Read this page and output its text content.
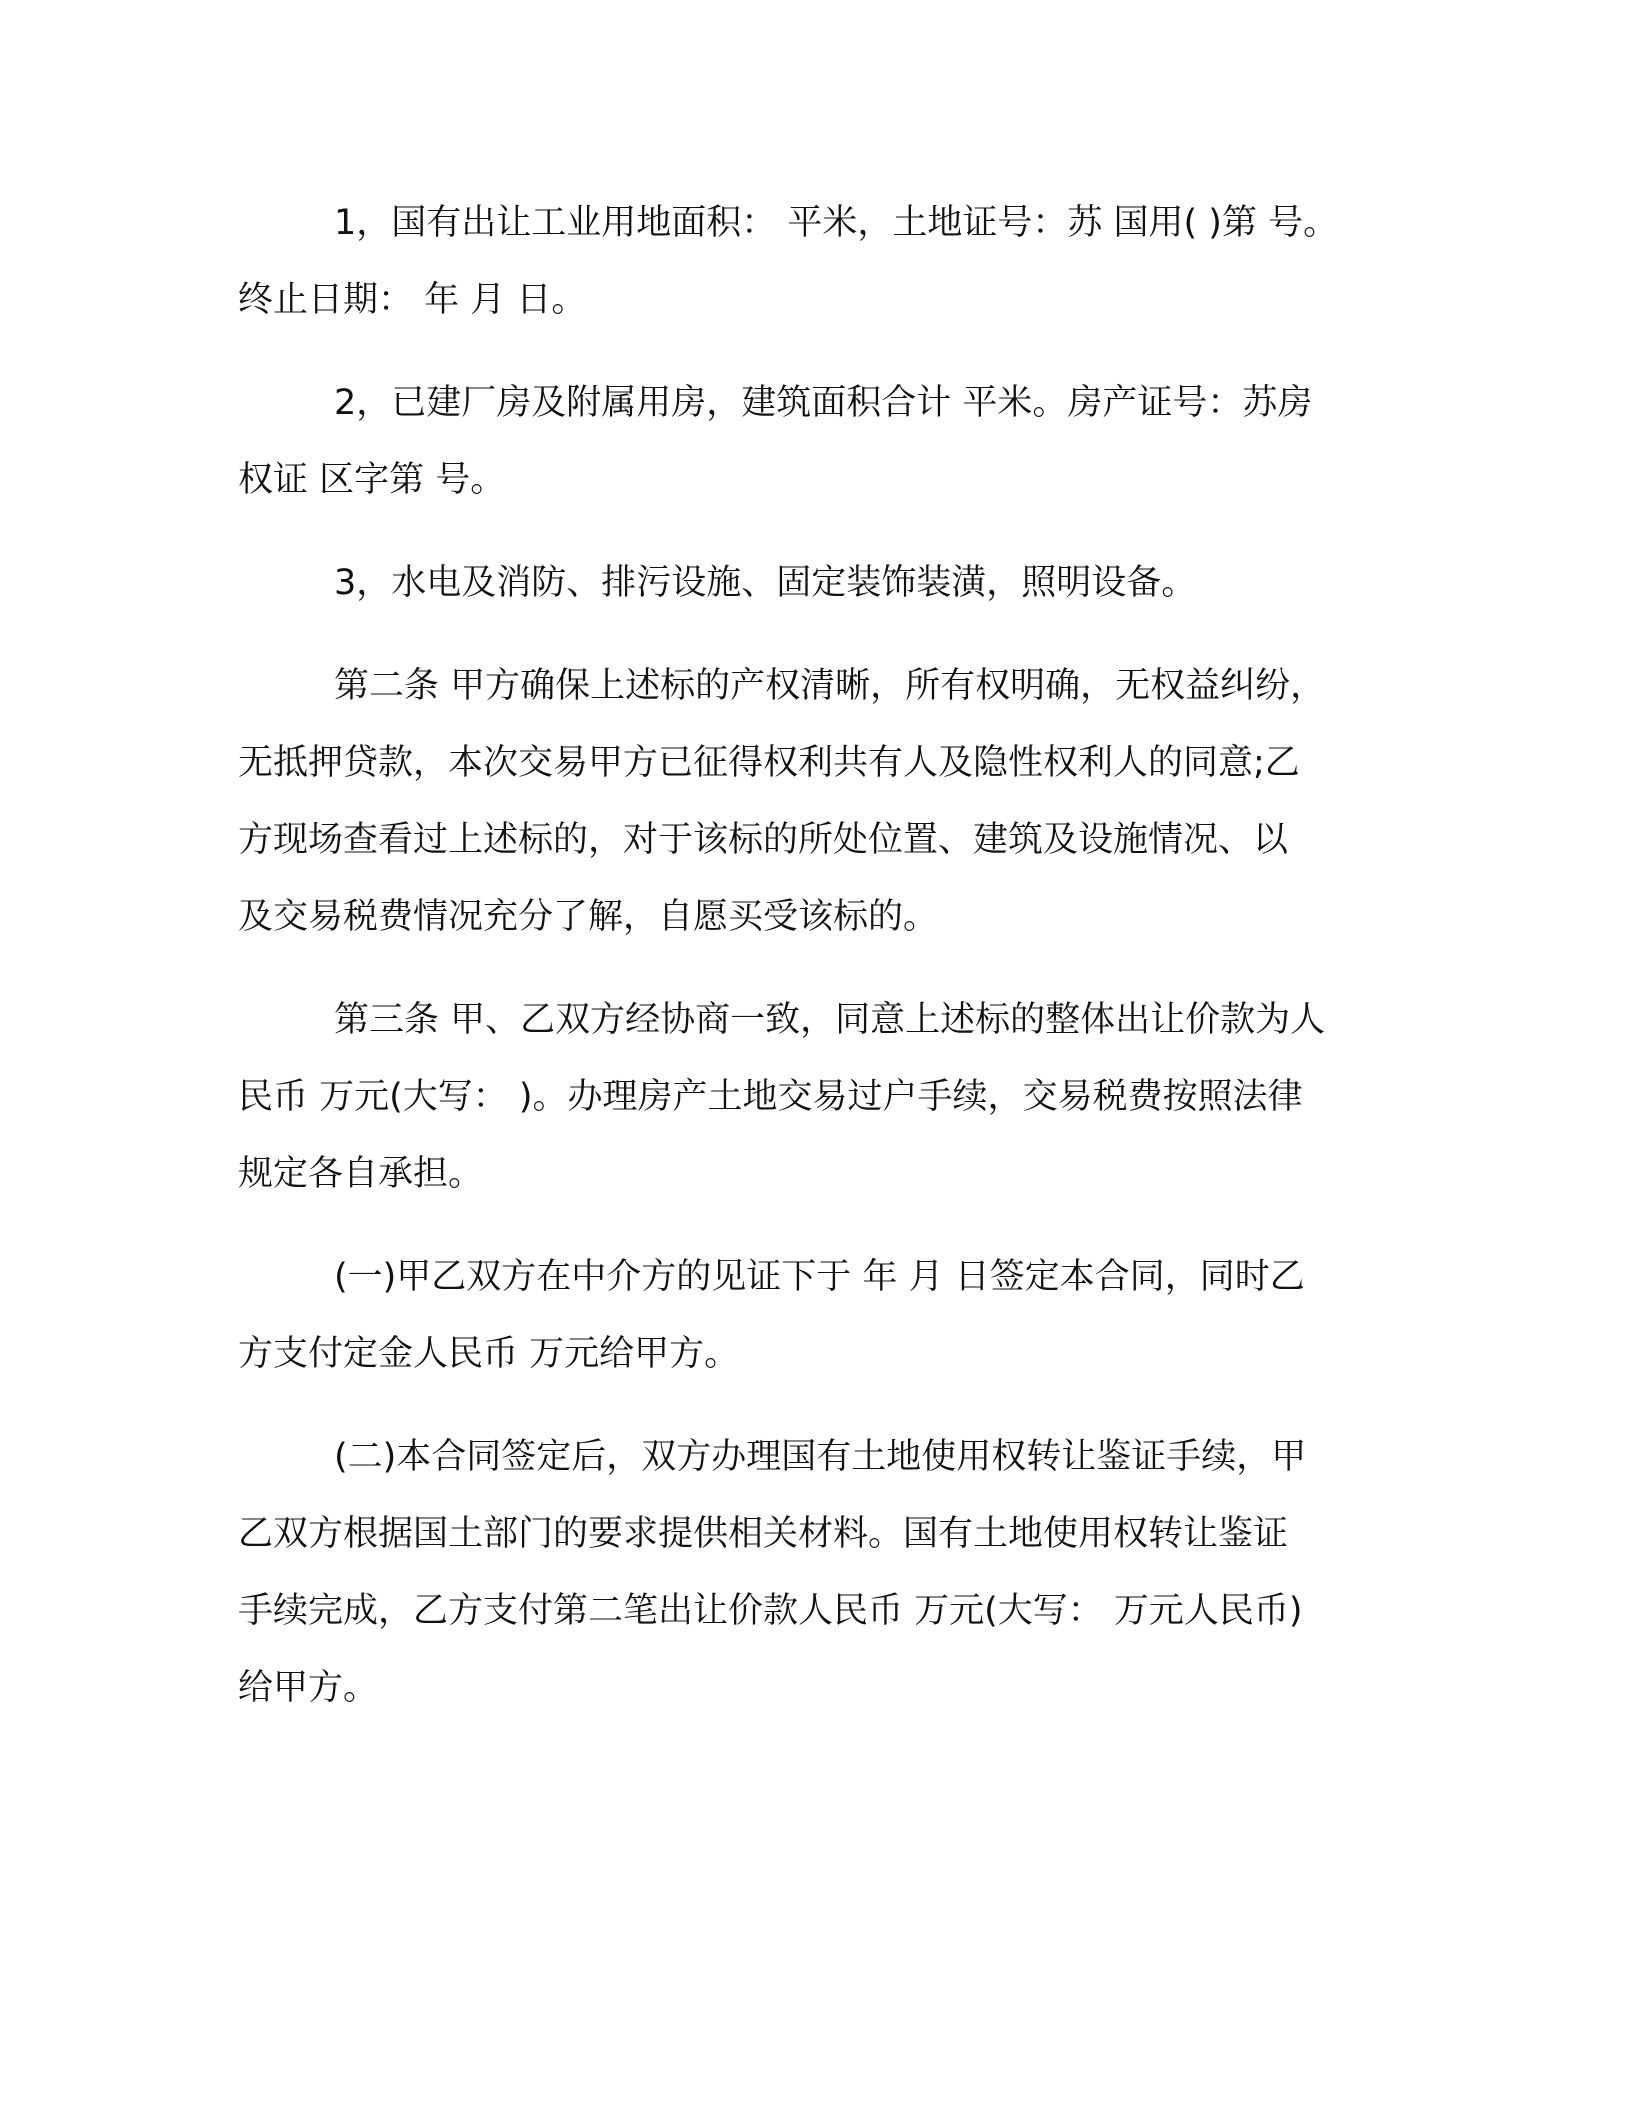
1，国有出让工业用地面积： 平米，土地证号：苏 国用( )第 号。
终止日期： 年 月 日。

2，已建厂房及附属用房，建筑面积合计 平米。房产证号：苏房
权证 区字第 号。

3，水电及消防、排污设施、固定装饰装潢，照明设备。

第二条 甲方确保上述标的产权清晰，所有权明确，无权益纠纷，
无抵押贷款，本次交易甲方已征得权利共有人及隐性权利人的同意;乙
方现场查看过上述标的，对于该标的所处位置、建筑及设施情况、以
及交易税费情况充分了解，自愿买受该标的。

第三条 甲、乙双方经协商一致，同意上述标的整体出让价款为人
民币 万元(大写： )。办理房产土地交易过户手续，交易税费按照法律
规定各自承担。

(一)甲乙双方在中介方的见证下于 年 月 日签定本合同，同时乙
方支付定金人民币 万元给甲方。

(二)本合同签定后，双方办理国有土地使用权转让鉴证手续，甲
乙双方根据国土部门的要求提供相关材料。国有土地使用权转让鉴证
手续完成，乙方支付第二笔出让价款人民币 万元(大写： 万元人民币)
给甲方。
